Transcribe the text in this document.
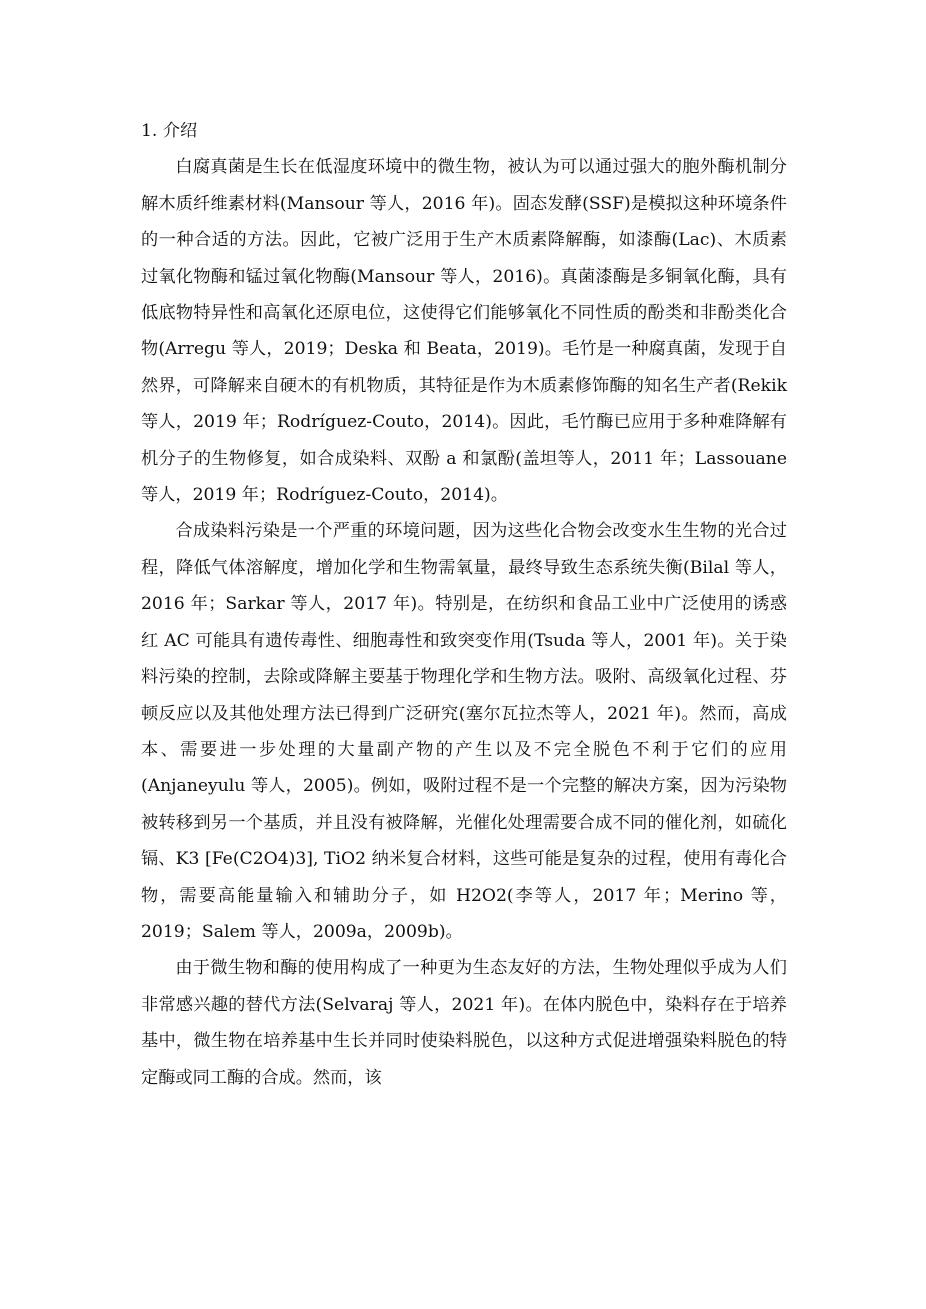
1. 介绍

白腐真菌是生长在低湿度环境中的微生物，被认为可以通过强大的胞外酶机制分解木质纤维素材料(Mansour 等人，2016 年)。固态发酵(SSF)是模拟这种环境条件的一种合适的方法。因此，它被广泛用于生产木质素降解酶，如漆酶(Lac)、木质素过氧化物酶和锰过氧化物酶(Mansour 等人，2016)。真菌漆酶是多铜氧化酶，具有低底物特异性和高氧化还原电位，这使得它们能够氧化不同性质的酚类和非酚类化合物(Arregu 等人，2019；Deska 和 Beata，2019)。毛竹是一种腐真菌，发现于自然界，可降解来自硬木的有机物质，其特征是作为木质素修饰酶的知名生产者(Rekik 等人，2019 年；Rodríguez-Couto，2014)。因此，毛竹酶已应用于多种难降解有机分子的生物修复，如合成染料、双酚 a 和氯酚(盖坦等人，2011 年；Lassouane 等人，2019 年；Rodríguez-Couto，2014)。

合成染料污染是一个严重的环境问题，因为这些化合物会改变水生生物的光合过程，降低气体溶解度，增加化学和生物需氧量，最终导致生态系统失衡(Bilal 等人，2016 年；Sarkar 等人，2017 年)。特别是，在纺织和食品工业中广泛使用的诱惑红 AC 可能具有遗传毒性、细胞毒性和致突变作用(Tsuda 等人，2001 年)。关于染料污染的控制，去除或降解主要基于物理化学和生物方法。吸附、高级氧化过程、芬顿反应以及其他处理方法已得到广泛研究(塞尔瓦拉杰等人，2021 年)。然而，高成本、需要进一步处理的大量副产物的产生以及不完全脱色不利于它们的应用(Anjaneyulu 等人，2005)。例如，吸附过程不是一个完整的解决方案，因为污染物被转移到另一个基质，并且没有被降解，光催化处理需要合成不同的催化剂，如硫化镉、K3 [Fe(C2O4)3], TiO2 纳米复合材料，这些可能是复杂的过程，使用有毒化合物，需要高能量输入和辅助分子，如 H2O2(李等人，2017 年；Merino 等，2019；Salem 等人，2009a，2009b)。

由于微生物和酶的使用构成了一种更为生态友好的方法，生物处理似乎成为人们非常感兴趣的替代方法(Selvaraj 等人，2021 年)。在体内脱色中，染料存在于培养基中，微生物在培养基中生长并同时使染料脱色，以这种方式促进增强染料脱色的特定酶或同工酶的合成。然而，该
